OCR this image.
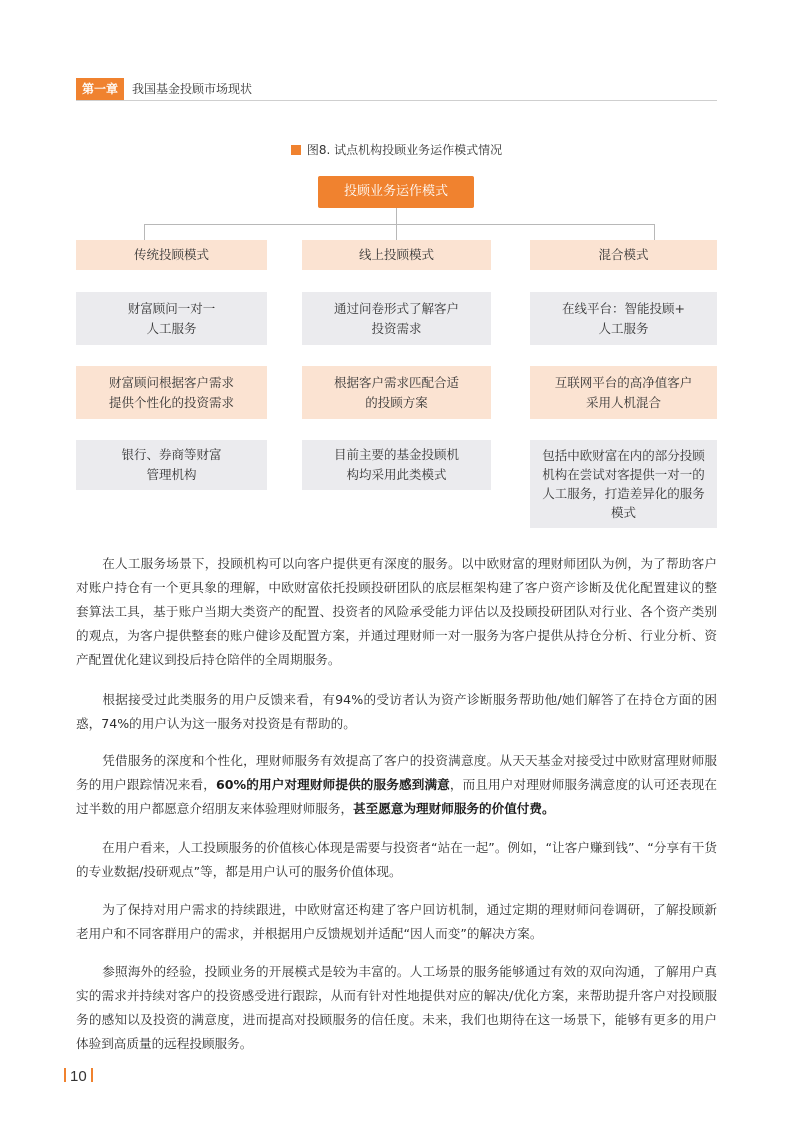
第一章	我国基金投顾市场现状
图8. 试点机构投顾业务运作模式情况
投顾业务运作模式
传统投顾模式
财富顾问一对一
人工服务
财富顾问根据客户需求
提供个性化的投资需求
银行、券商等财富
管理机构
线上投顾模式
通过问卷形式了解客户
投资需求
根据客户需求匹配合适
的投顾方案
目前主要的基金投顾机
构均采用此类模式
混合模式
在线平台：智能投顾+
人工服务
互联网平台的高净值客户
采用人机混合
包括中欧财富在内的部分投顾
机构在尝试对客提供一对一的
人工服务，打造差异化的服务
模式
在人工服务场景下，投顾机构可以向客户提供更有深度的服务。以中欧财富的理财师团队为例，为了帮助客户对账户持仓有一个更具象的理解，中欧财富依托投顾投研团队的底层框架构建了客户资产诊断及优化配置建议的整套算法工具，基于账户当期大类资产的配置、投资者的风险承受能力评估以及投顾投研团队对行业、各个资产类别的观点，为客户提供整套的账户健诊及配置方案，并通过理财师一对一服务为客户提供从持仓分析、行业分析、资产配置优化建议到投后持仓陪伴的全周期服务。
根据接受过此类服务的用户反馈来看，有94%的受访者认为资产诊断服务帮助他/她们解答了在持仓方面的困惑，74%的用户认为这一服务对投资是有帮助的。
凭借服务的深度和个性化，理财师服务有效提高了客户的投资满意度。从天天基金对接受过中欧财富理财师服务的用户跟踪情况来看，60%的用户对理财师提供的服务感到满意，而且用户对理财师服务满意度的认可还表现在过半数的用户都愿意介绍朋友来体验理财师服务，甚至愿意为理财师服务的价值付费。
在用户看来，人工投顾服务的价值核心体现是需要与投资者“站在一起”。例如，“让客户赚到钱”、“分享有干货的专业数据/投研观点”等，都是用户认可的服务价值体现。
为了保持对用户需求的持续跟进，中欧财富还构建了客户回访机制，通过定期的理财师问卷调研，了解投顾新老用户和不同客群用户的需求，并根据用户反馈规划并适配“因人而变”的解决方案。
参照海外的经验，投顾业务的开展模式是较为丰富的。人工场景的服务能够通过有效的双向沟通，了解用户真实的需求并持续对客户的投资感受进行跟踪，从而有针对性地提供对应的解决/优化方案，来帮助提升客户对投顾服务的感知以及投资的满意度，进而提高对投顾服务的信任度。未来，我们也期待在这一场景下，能够有更多的用户体验到高质量的远程投顾服务。
10
